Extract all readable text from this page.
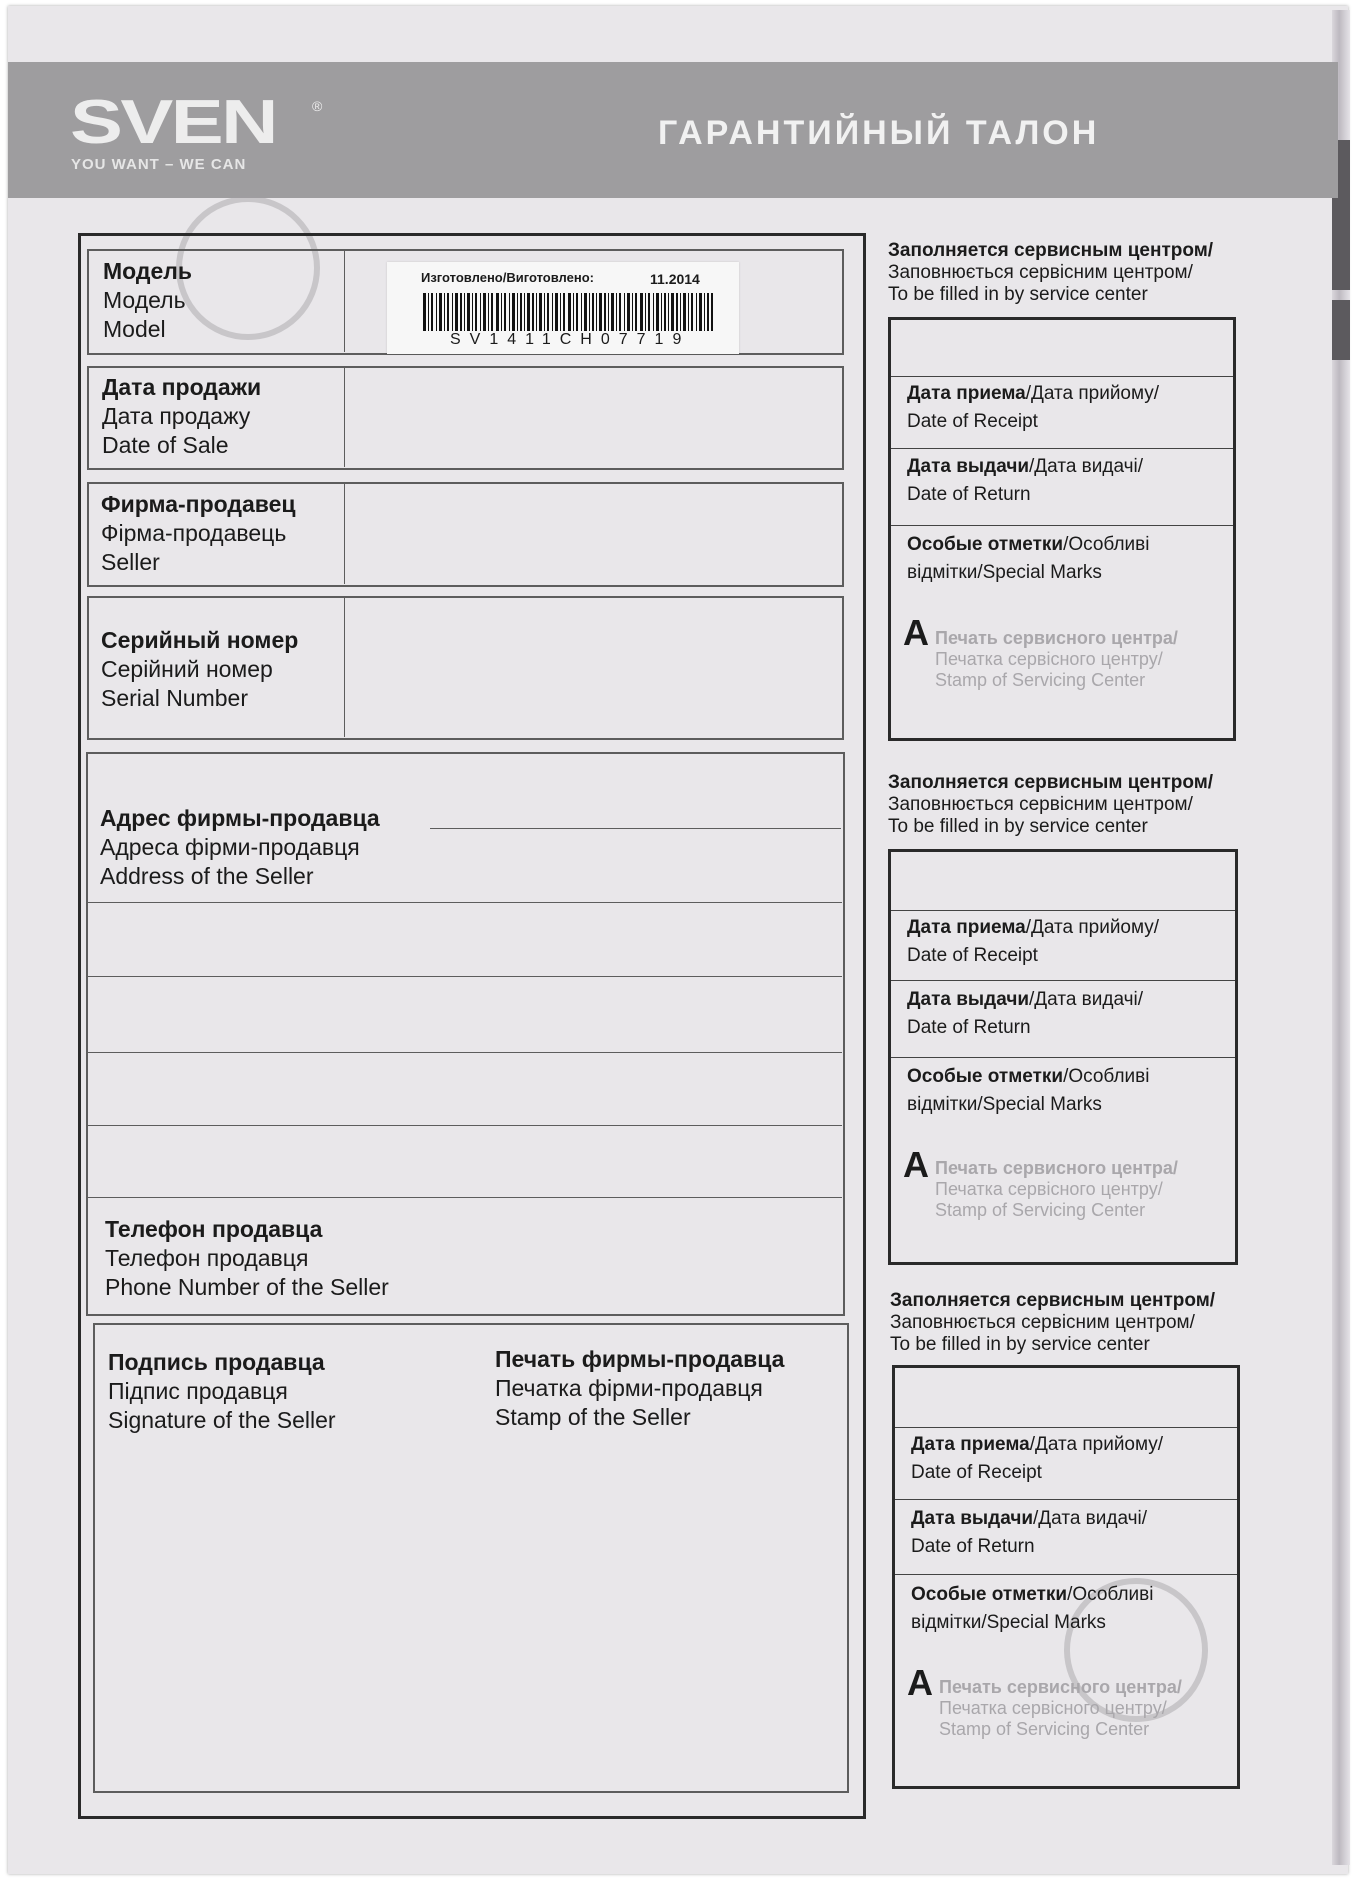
SVEN	®
YOU WANT – WE CAN
ГАРАНТИЙНЫЙ ТАЛОН
Модель
Модель
Model
Изготовлено/Виготовлено:	11.2014
SV1411CH07719
Дата продажи
Дата продажу
Date of Sale
Фирма-продавец
Фірма-продавець
Seller
Серийный номер
Серійний номер
Serial Number
Адрес фирмы-продавца
Адреса фірми-продавця
Address of the Seller
Телефон продавца
Телефон продавця
Phone Number of the Seller
Подпись продавца
Підпис продавця
Signature of the Seller
Печать фирмы-продавца
Печатка фірми-продавця
Stamp of the Seller
Заполняется сервисным центром/
Заповнюється сервісним центром/
To be filled in by service center
Дата приема/Дата прийому/
Date of Receipt
Дата выдачи/Дата видачі/
Date of Return
Особые отметки/Особливі
відмітки/Special Marks
A Печать сервисного центра/
Печатка сервісного центру/
Stamp of Servicing Center
Заполняется сервисным центром/
Заповнюється сервісним центром/
To be filled in by service center
Дата приема/Дата прийому/
Date of Receipt
Дата выдачи/Дата видачі/
Date of Return
Особые отметки/Особливі
відмітки/Special Marks
A Печать сервисного центра/
Печатка сервісного центру/
Stamp of Servicing Center
Заполняется сервисным центром/
Заповнюється сервісним центром/
To be filled in by service center
Дата приема/Дата прийому/
Date of Receipt
Дата выдачи/Дата видачі/
Date of Return
Особые отметки/Особливі
відмітки/Special Marks
A Печать сервисного центра/
Печатка сервісного центру/
Stamp of Servicing Center
